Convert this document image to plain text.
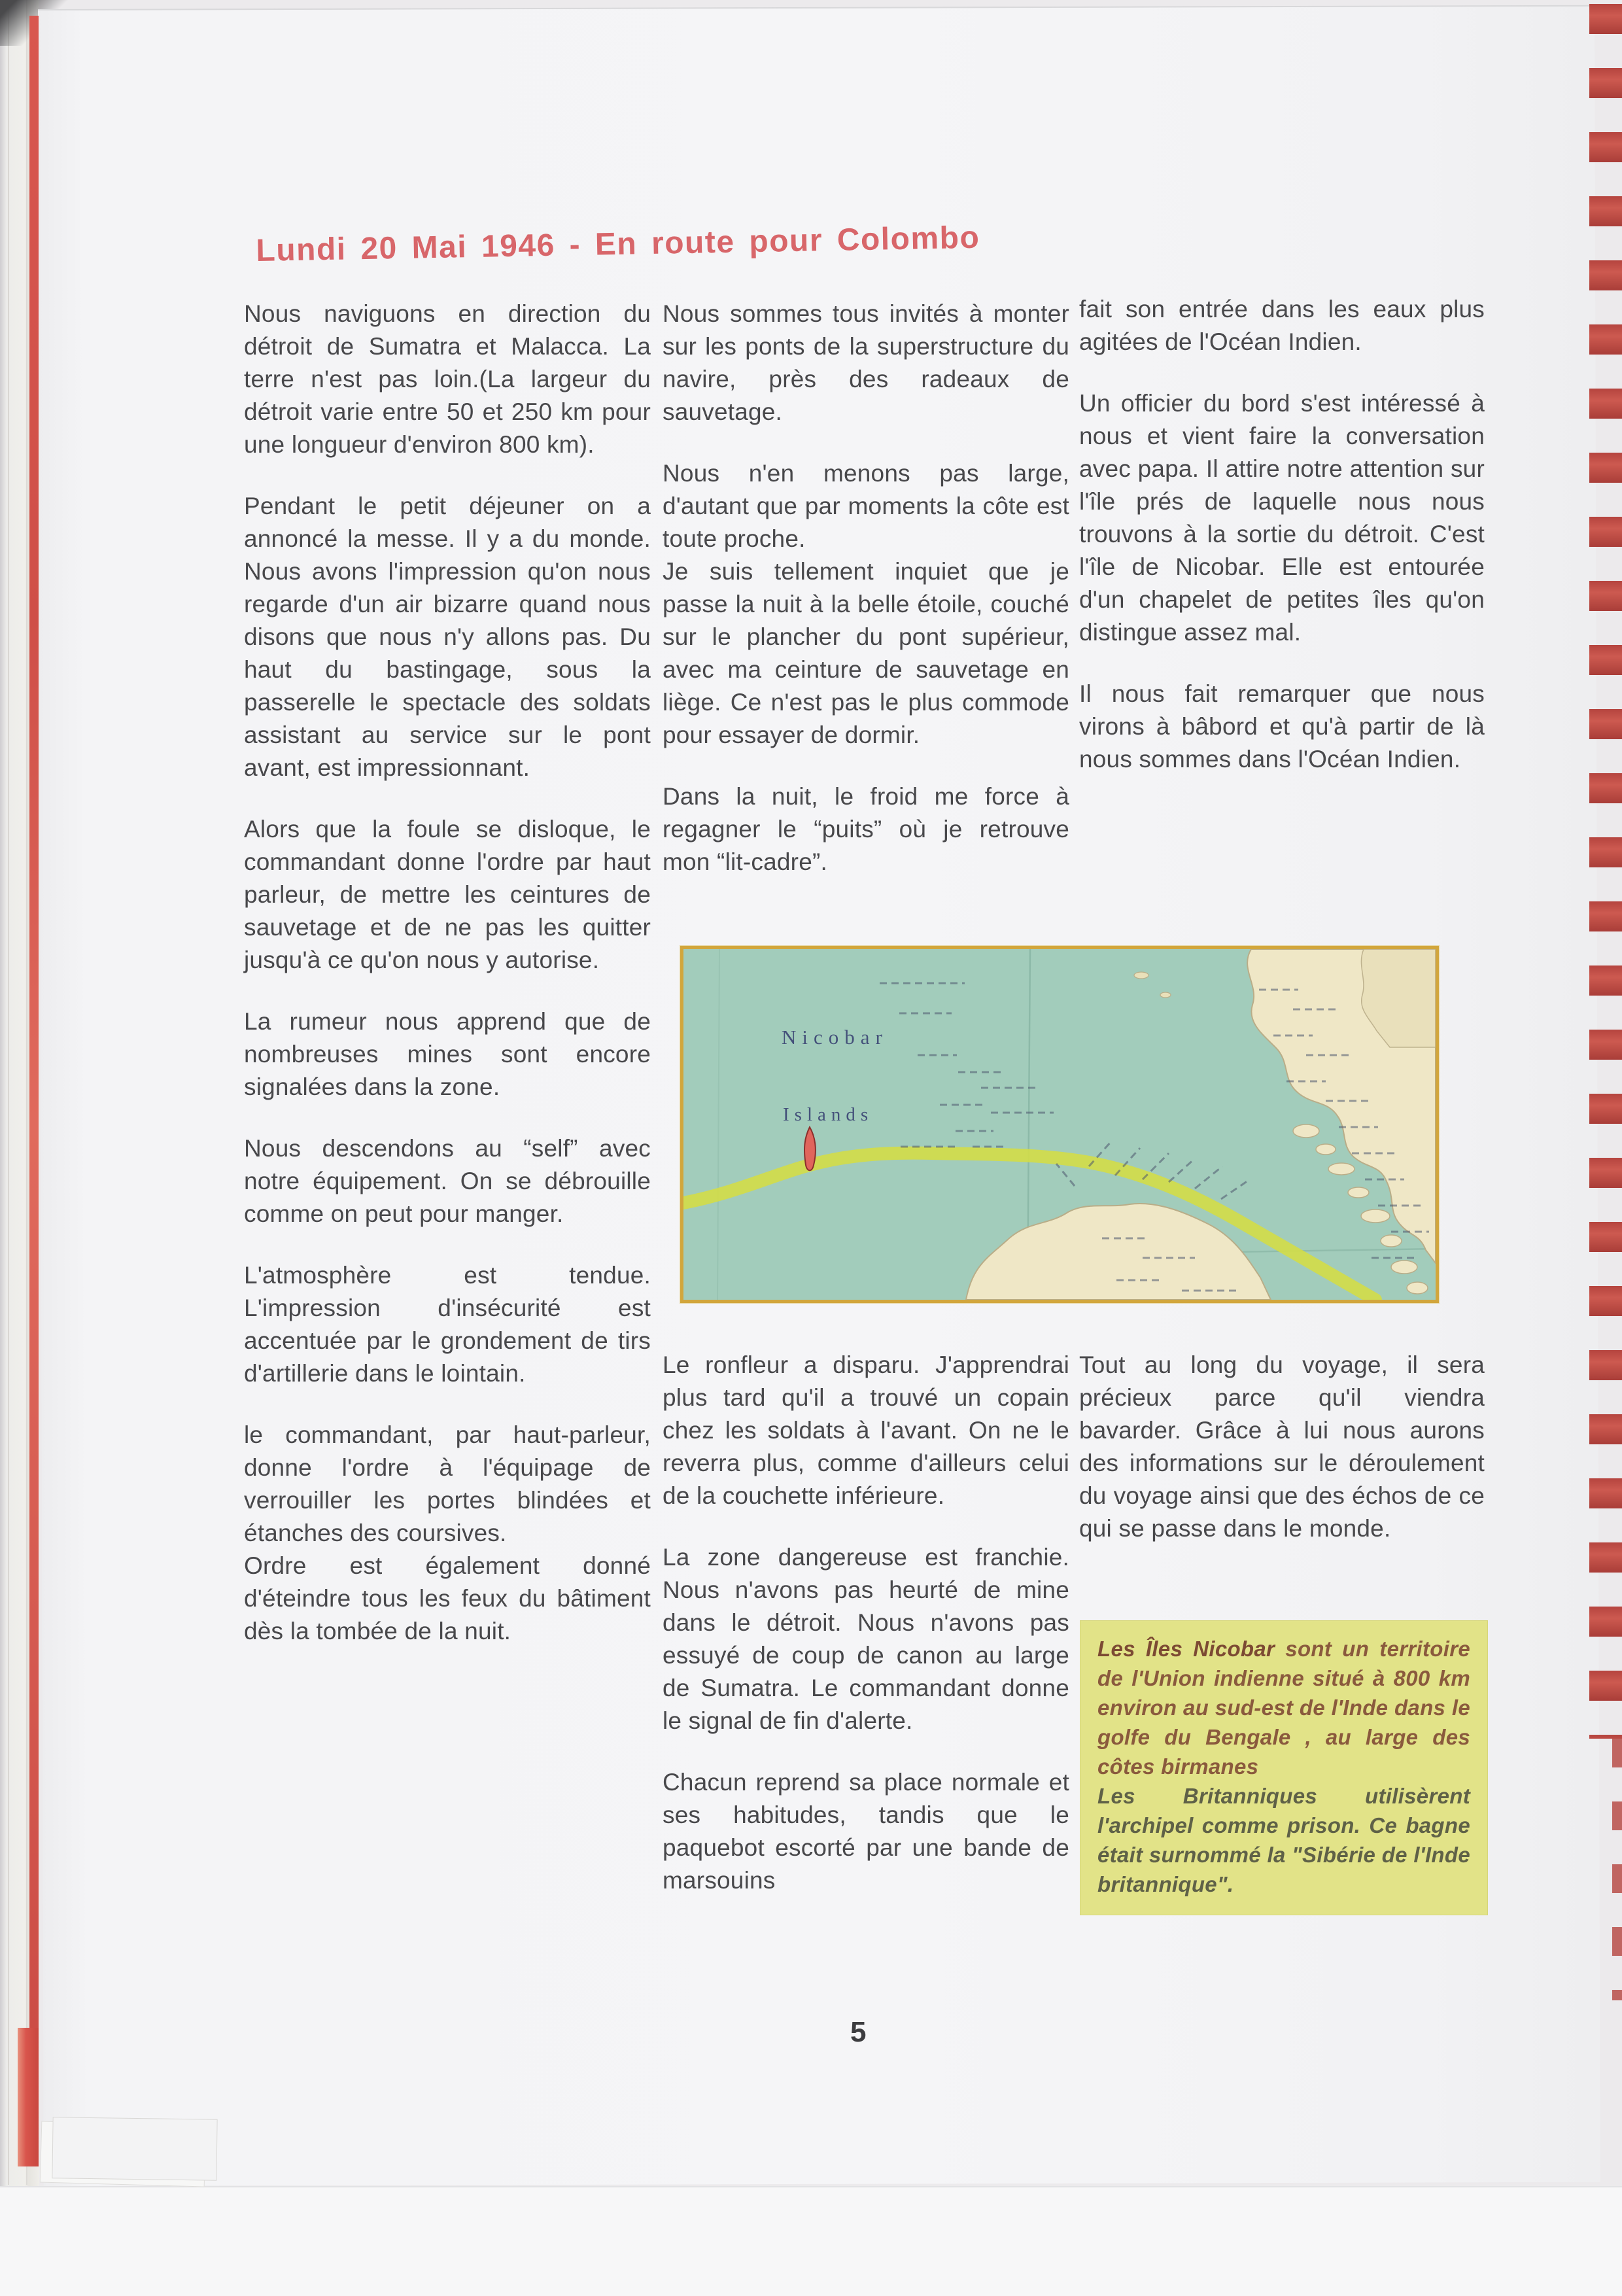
Lundi 20 Mai 1946 - En route pour Colombo

Nous naviguons en direction du détroit de Sumatra et Malacca. La terre n'est pas loin.(La largeur du détroit varie entre 50 et 250 km pour une longueur d'environ 800 km).

Pendant le petit déjeuner on a annoncé la messe. Il y a du monde. Nous avons l'impression qu'on nous regarde d'un air bizarre quand nous disons que nous n'y allons pas. Du haut du bastingage, sous la passerelle le spectacle des soldats assistant au service sur le pont avant, est impressionnant.

Alors que la foule se disloque, le commandant donne l'ordre par haut parleur, de mettre les ceintures de sauvetage et de ne pas les quitter jusqu'à ce qu'on nous y autorise.

La rumeur nous apprend que de nombreuses mines sont encore signalées dans la zone.

Nous descendons au “self” avec notre équipement. On se débrouille comme on peut pour manger.

L'atmosphère est tendue. L'impression d'insécurité est accentuée par le grondement de tirs d'artillerie dans le lointain.

le commandant, par haut-parleur, donne l'ordre à l'équipage de verrouiller les portes blindées et étanches des coursives.

Ordre est également donné d'éteindre tous les feux du bâtiment dès la tombée de la nuit.

Nous sommes tous invités à monter sur les ponts de la superstructure du navire, près des radeaux de sauvetage.

Nous n'en menons pas large, d'autant que par moments la côte est toute proche.

Je suis tellement inquiet que je passe la nuit à la belle étoile, couché sur le plancher du pont supérieur, avec ma ceinture de sauvetage en liège. Ce n'est pas le plus commode pour essayer de dormir.

Dans la nuit, le froid me force à regagner le “puits” où je retrouve mon “lit-cadre”.

fait son entrée dans les eaux plus agitées de l'Océan Indien.

Un officier du bord s'est intéressé à nous et vient faire la conversation avec papa. Il attire notre attention sur l'île prés de laquelle nous nous trouvons à la sortie du détroit. C'est l'île de Nicobar. Elle est entourée d'un chapelet de petites îles qu'on distingue assez mal.

Il nous fait remarquer que nous virons à bâbord et qu'à partir de là nous sommes dans l'Océan Indien.

Nicobar
Islands

Le ronfleur a disparu. J'apprendrai plus tard qu'il a trouvé un copain chez les soldats à l'avant. On ne le reverra plus, comme d'ailleurs celui de la couchette inférieure.

La zone dangereuse est franchie. Nous n'avons pas heurté de mine dans le détroit. Nous n'avons pas essuyé de coup de canon au large de Sumatra. Le commandant donne le signal de fin d'alerte.

Chacun reprend sa place normale et ses habitudes, tandis que le paquebot escorté par une bande de marsouins

Tout au long du voyage, il sera précieux parce qu'il viendra bavarder. Grâce à lui nous aurons des informations sur le déroulement du voyage ainsi que des échos de ce qui se passe dans le monde.

Les Îles Nicobar sont un territoire de l'Union indienne situé à 800 km environ au sud-est de l'Inde dans le golfe du Bengale , au large des côtes birmanes

Les Britanniques utilisèrent l'archipel comme prison. Ce bagne était surnommé la "Sibérie de l'Inde britannique".

5
